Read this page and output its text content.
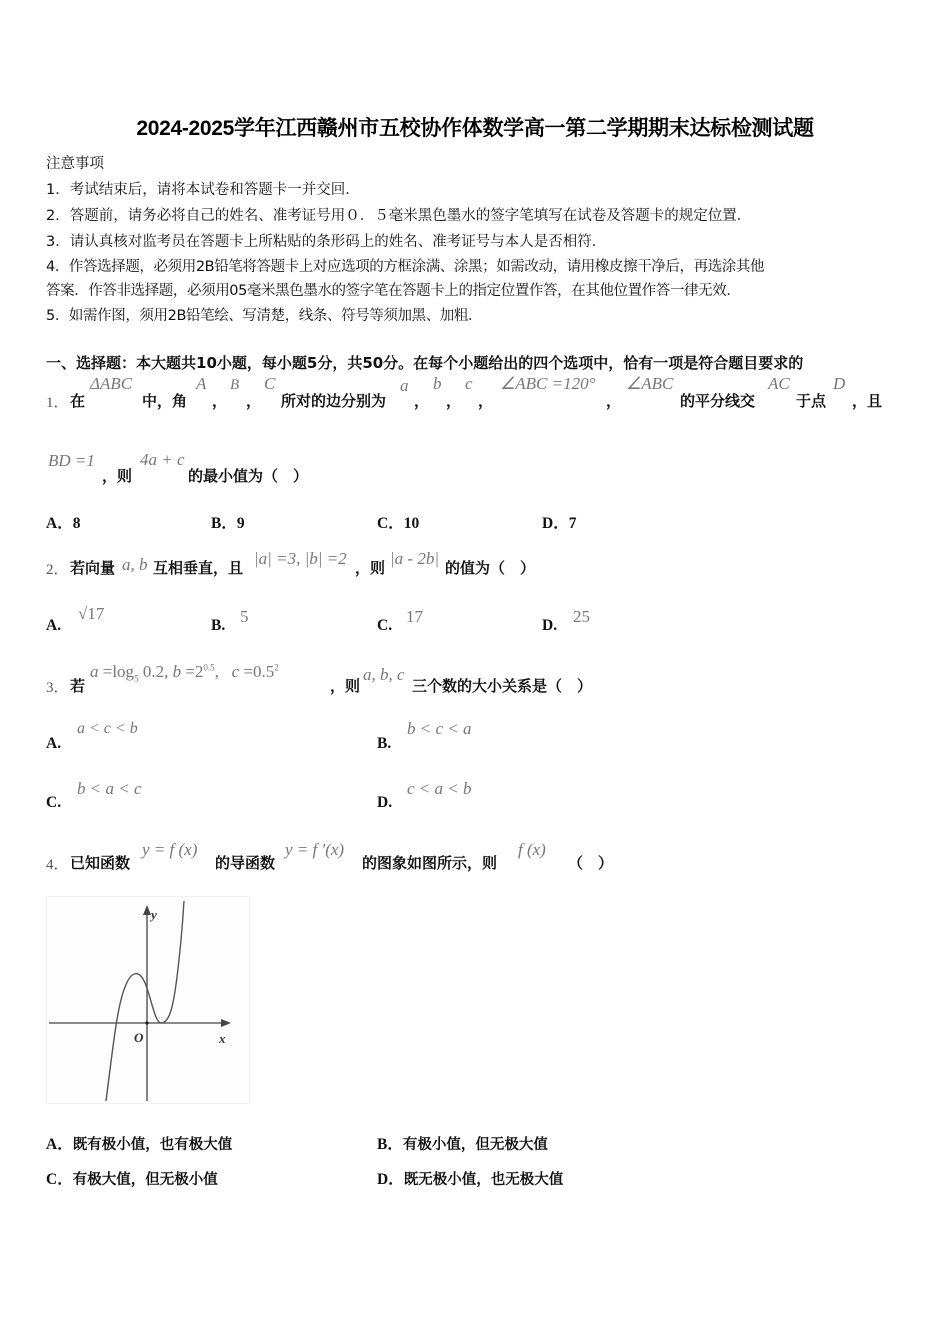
2024-2025学年江西赣州市五校协作体数学高一第二学期期末达标检测试题
注意事项
1．考试结束后，请将本试卷和答题卡一并交回．
2．答题前，请务必将自己的姓名、准考证号用０．５毫米黑色墨水的签字笔填写在试卷及答题卡的规定位置．
3．请认真核对监考员在答题卡上所粘贴的条形码上的姓名、准考证号与本人是否相符．
4．作答选择题，必须用2B铅笔将答题卡上对应选项的方框涂满、涂黑；如需改动，请用橡皮擦干净后，再选涂其他
答案．作答非选择题，必须用05毫米黑色墨水的签字笔在答题卡上的指定位置作答，在其他位置作答一律无效．
5．如需作图，须用2B铅笔绘、写清楚，线条、符号等须加黑、加粗．
一、选择题：本大题共10小题，每小题5分，共50分。在每个小题给出的四个选项中，恰有一项是符合题目要求的
1． 在
ΔABC
中，角
A
，
B
，
C
所对的边分别为
a
，
b
，
c
，
∠ABC =120°
，
∠ABC
的平分线交
AC
于点
D
，且
BD =1
，则
4a + c
的最小值为（　）
A．8	B．9	C．10	D．7
2． 若向量 a, b 互相垂直，且 |a| =3, |b| =2 ，则 |a - 2b| 的值为（　）
A.
√17
B. 5	C. 17	D. 25
3． 若
$a =\log_5$ 0.2, $b =2^{0.5}$,   $c =0.5^2$
，则
a, b, c
三个数的大小关系是（　）
A.
a < c < b
B.
b < c < a
C.
b < a < c
D.
c < a < b
4． 已知函数
y = f (x)
的导函数
y = f ′(x)
的图象如图所示，则
f (x)
（　）
y
O	x
A．既有极小值，也有极大值	B．有极小值，但无极大值
C．有极大值，但无极小值	D．既无极小值，也无极大值
